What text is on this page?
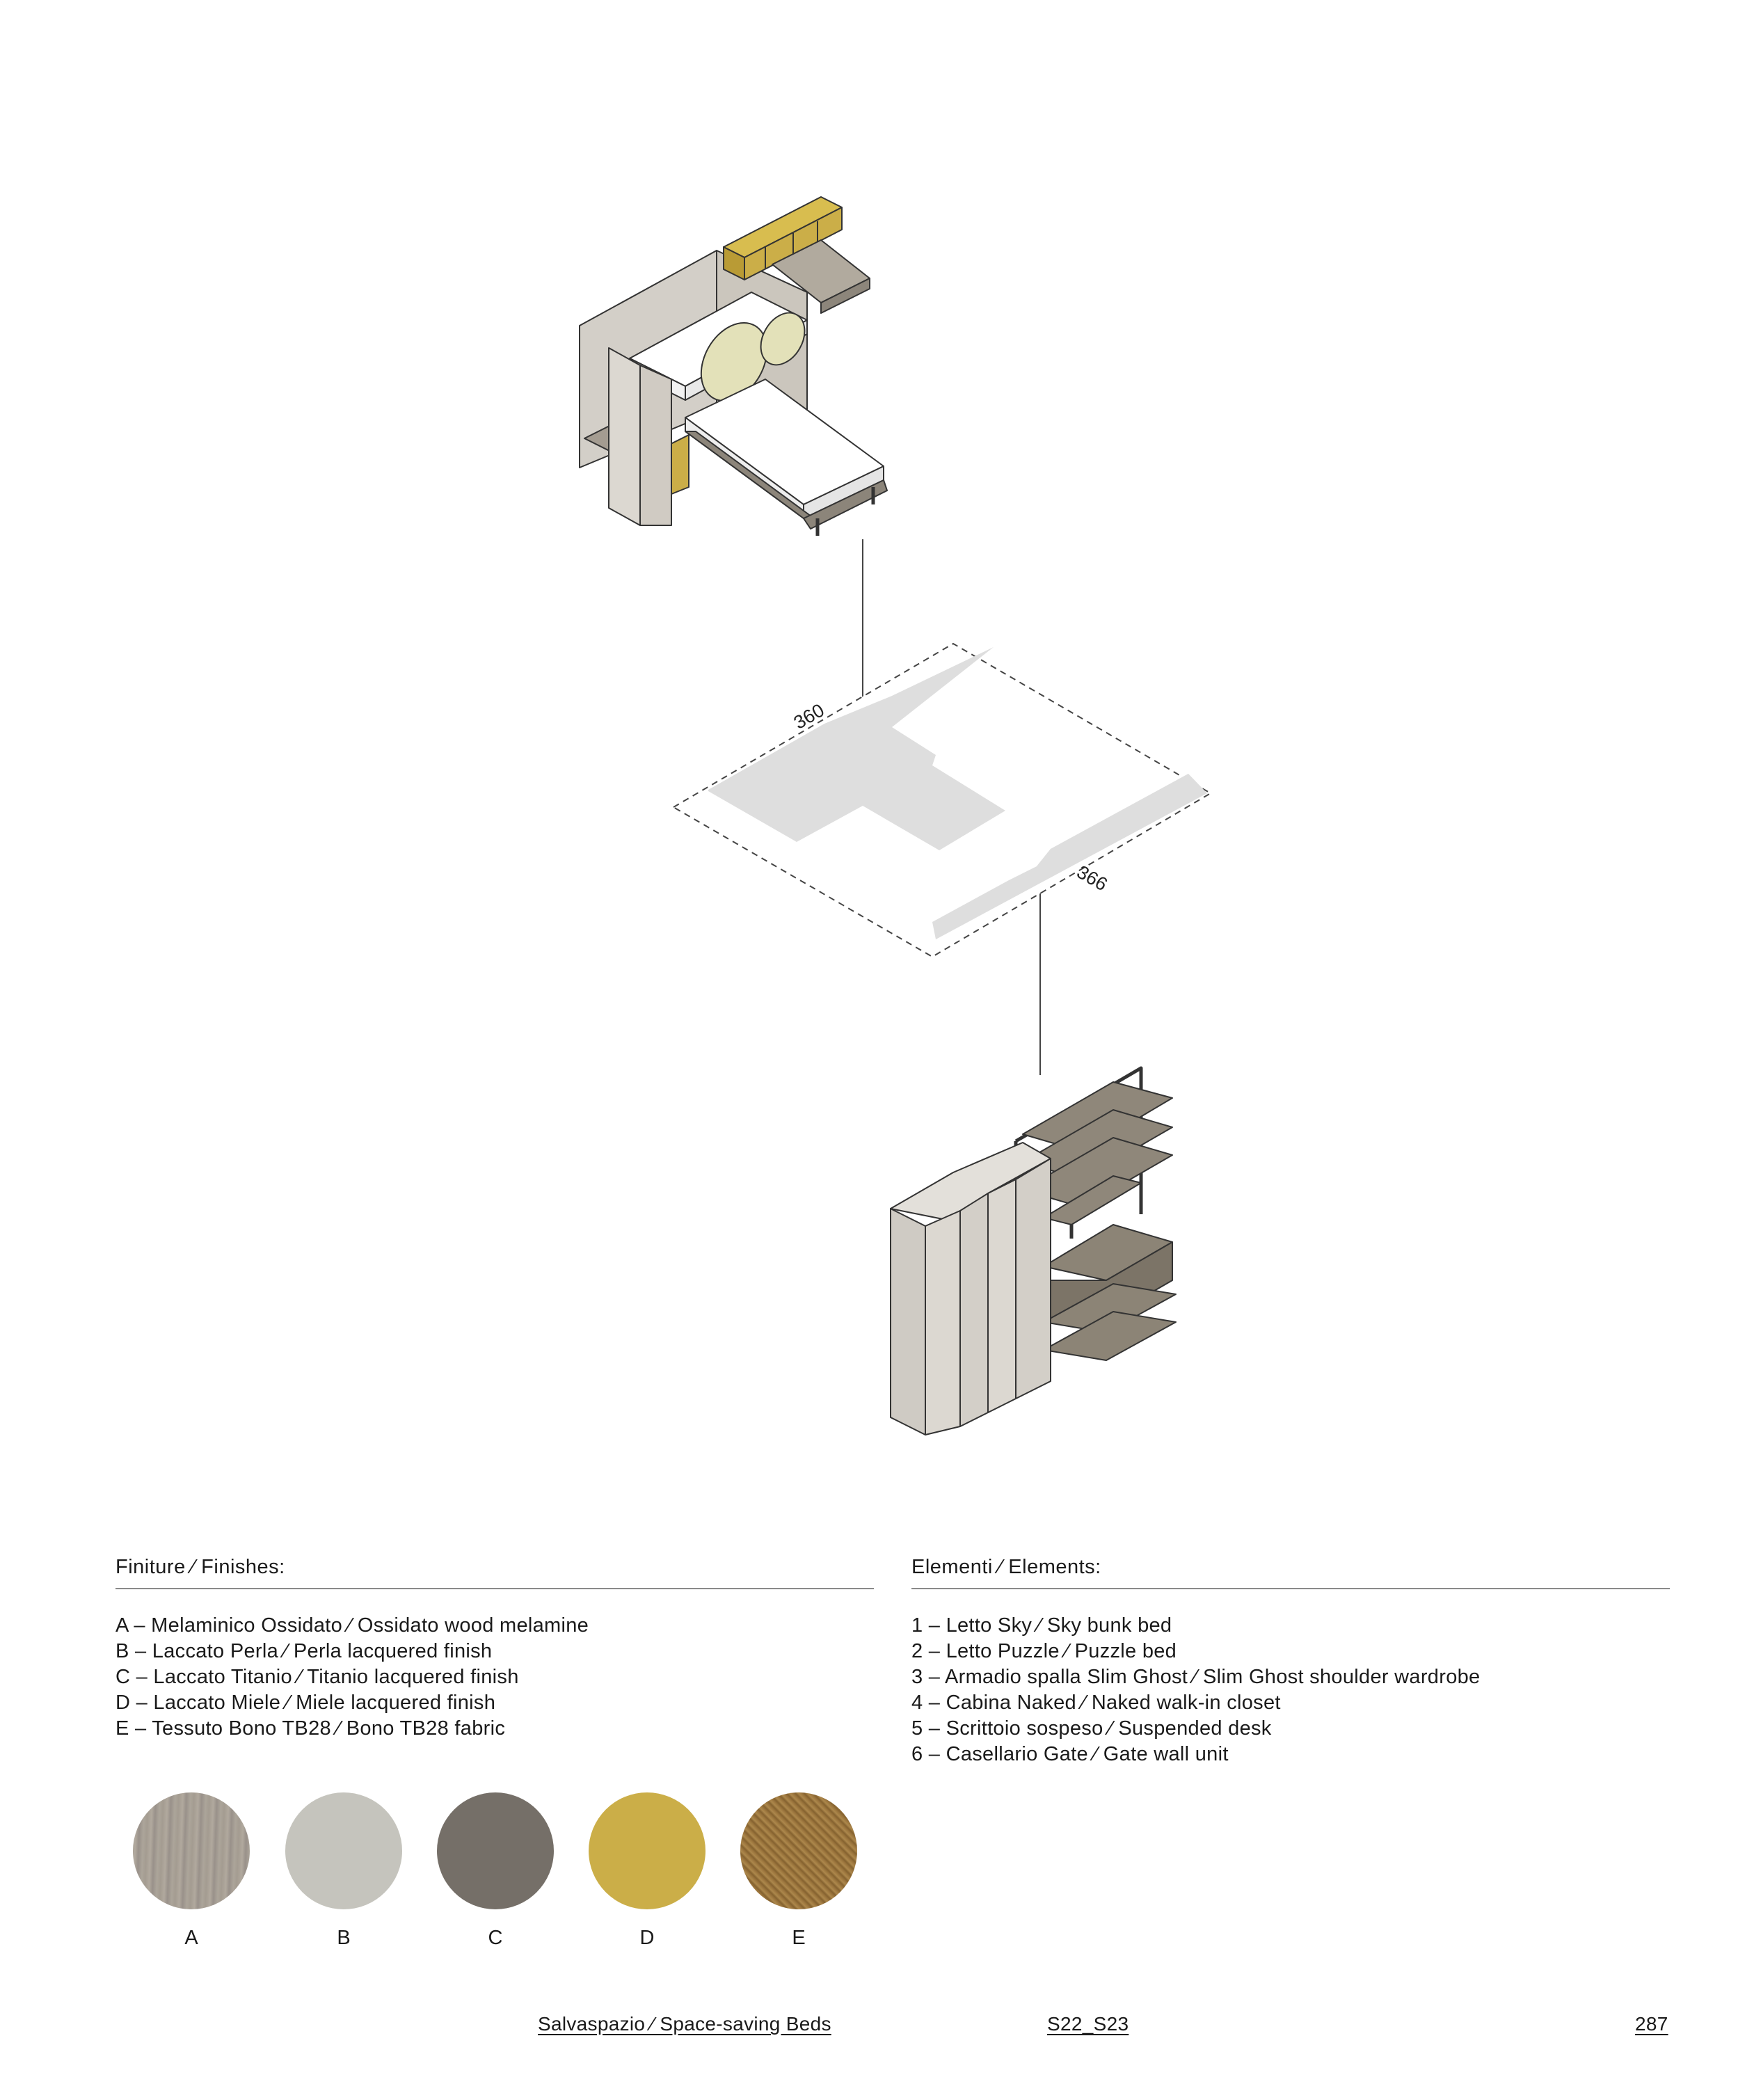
360
366
Finiture ⁄ Finishes:
A – Melaminico Ossidato ⁄ Ossidato wood melamine
B – Laccato Perla ⁄ Perla lacquered finish
C – Laccato Titanio ⁄ Titanio lacquered finish
D – Laccato Miele ⁄ Miele lacquered finish
E – Tessuto Bono TB28 ⁄ Bono TB28 fabric
A	B	C	D	E
Elementi ⁄ Elements:
1 – Letto Sky ⁄ Sky bunk bed
2 – Letto Puzzle ⁄ Puzzle bed
3 – Armadio spalla Slim Ghost ⁄ Slim Ghost shoulder wardrobe
4 – Cabina Naked ⁄ Naked walk-in closet
5 – Scrittoio sospeso ⁄ Suspended desk
6 – Casellario Gate ⁄ Gate wall unit
Salvaspazio ⁄ Space-saving Beds	S22_S23	287
